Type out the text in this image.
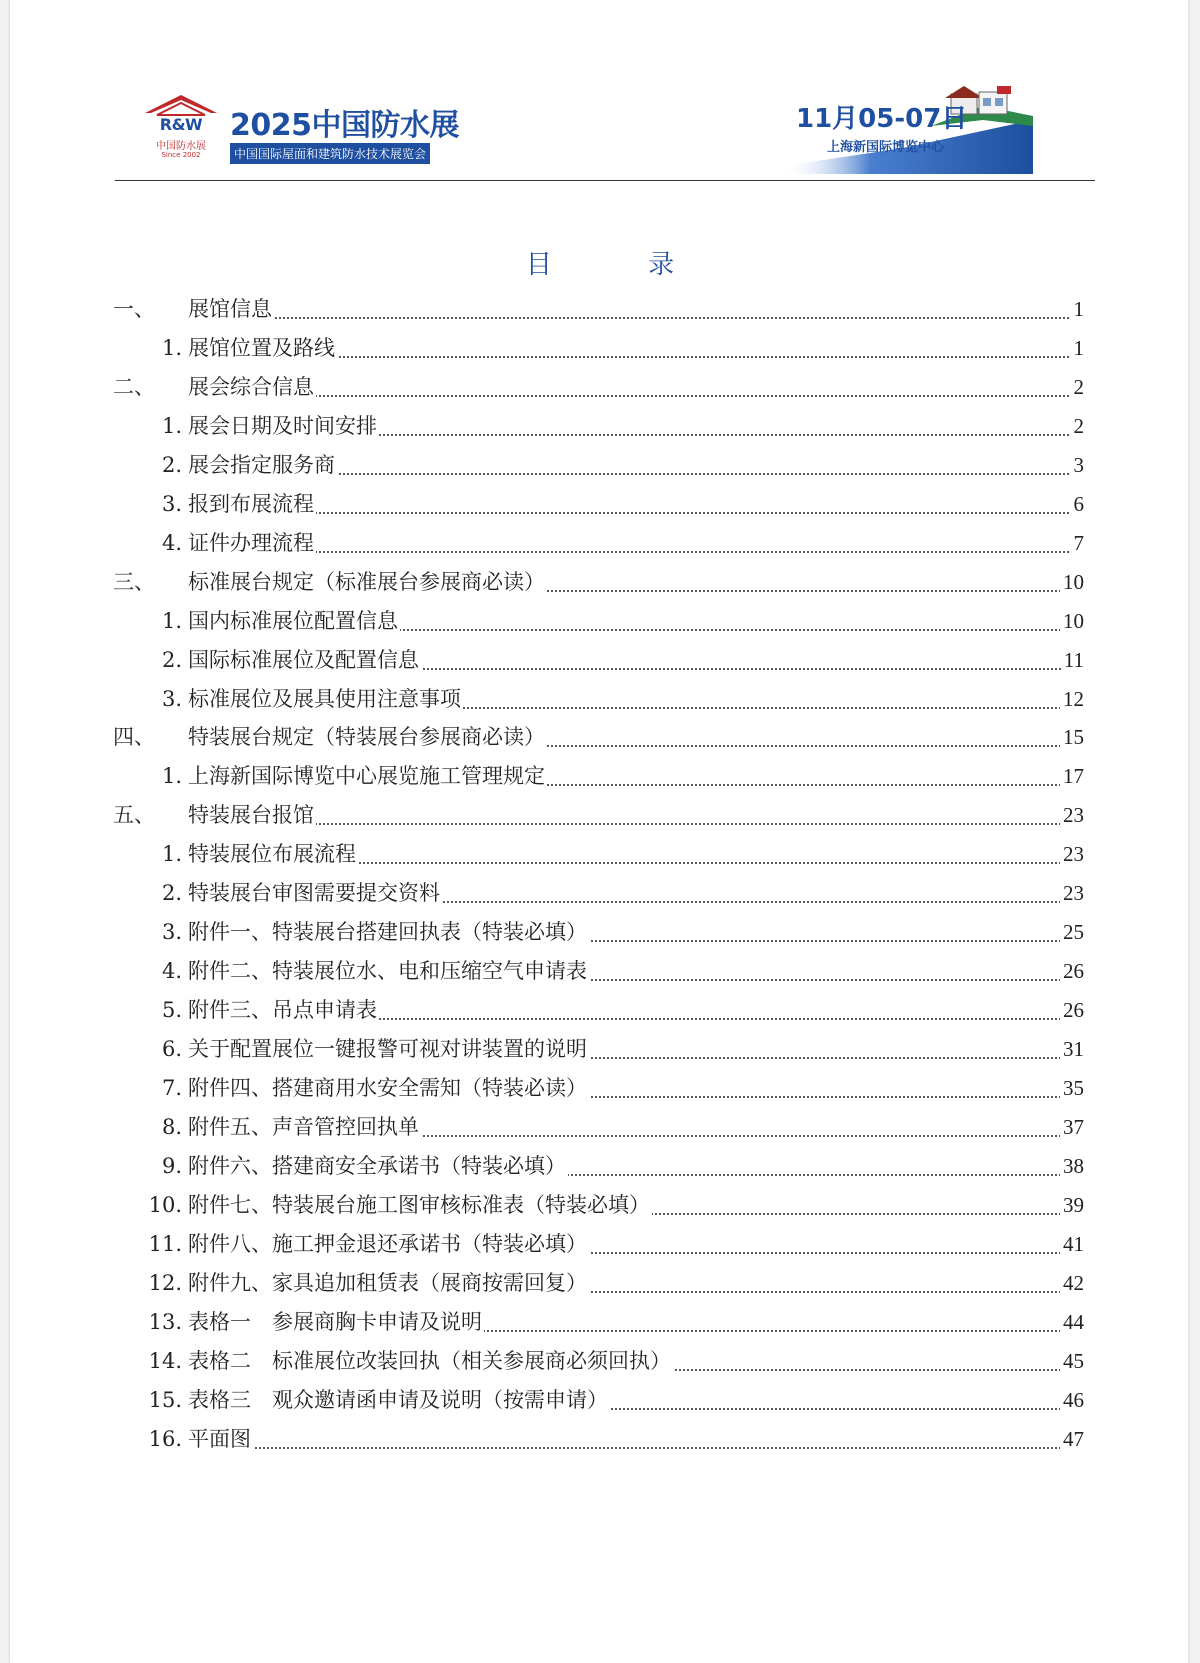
R&W
中国防水展
Since 2002
2025中国防水展
中国国际屋面和建筑防水技术展览会
11月05-07日
上海新国际博览中心
目 录
一、 展馆信息	1
1. 展馆位置及路线	1
二、 展会综合信息	2
1. 展会日期及时间安排	2
2. 展会指定服务商	3
3. 报到布展流程	6
4. 证件办理流程	7
三、 标准展台规定（标准展台参展商必读）	10
1. 国内标准展位配置信息	10
2. 国际标准展位及配置信息	11
3. 标准展位及展具使用注意事项	12
四、 特装展台规定（特装展台参展商必读）	15
1. 上海新国际博览中心展览施工管理规定	17
五、 特装展台报馆	23
1. 特装展位布展流程	23
2. 特装展台审图需要提交资料	23
3. 附件一、特装展台搭建回执表（特装必填）	25
4. 附件二、特装展位水、电和压缩空气申请表	26
5. 附件三、吊点申请表	26
6. 关于配置展位一键报警可视对讲装置的说明	31
7. 附件四、搭建商用水安全需知（特装必读）	35
8. 附件五、声音管控回执单	37
9. 附件六、搭建商安全承诺书（特装必填）	38
10. 附件七、特装展台施工图审核标准表（特装必填）	39
11. 附件八、施工押金退还承诺书（特装必填）	41
12. 附件九、家具追加租赁表（展商按需回复）	42
13. 表格一　参展商胸卡申请及说明	44
14. 表格二　标准展位改装回执（相关参展商必须回执）	45
15. 表格三　观众邀请函申请及说明（按需申请）	46
16. 平面图	47
